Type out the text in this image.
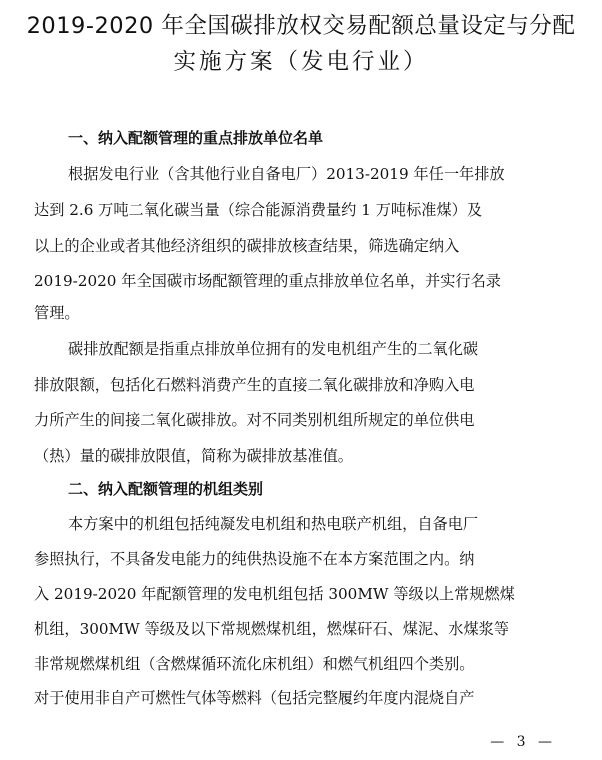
2019-2020 年全国碳排放权交易配额总量设定与分配
实施方案（发电行业）
一、纳入配额管理的重点排放单位名单
根据发电行业（含其他行业自备电厂）2013-2019 年任一年排放
达到 2.6 万吨二氧化碳当量（综合能源消费量约 1 万吨标准煤）及
以上的企业或者其他经济组织的碳排放核查结果，筛选确定纳入
2019-2020 年全国碳市场配额管理的重点排放单位名单，并实行名录
管理。
碳排放配额是指重点排放单位拥有的发电机组产生的二氧化碳
排放限额，包括化石燃料消费产生的直接二氧化碳排放和净购入电
力所产生的间接二氧化碳排放。对不同类别机组所规定的单位供电
（热）量的碳排放限值，简称为碳排放基准值。
二、纳入配额管理的机组类别
本方案中的机组包括纯凝发电机组和热电联产机组，自备电厂
参照执行，不具备发电能力的纯供热设施不在本方案范围之内。纳
入 2019-2020 年配额管理的发电机组包括 300MW 等级以上常规燃煤
机组，300MW 等级及以下常规燃煤机组，燃煤矸石、煤泥、水煤浆等
非常规燃煤机组（含燃煤循环流化床机组）和燃气机组四个类别。
对于使用非自产可燃性气体等燃料（包括完整履约年度内混烧自产
— 3 —
